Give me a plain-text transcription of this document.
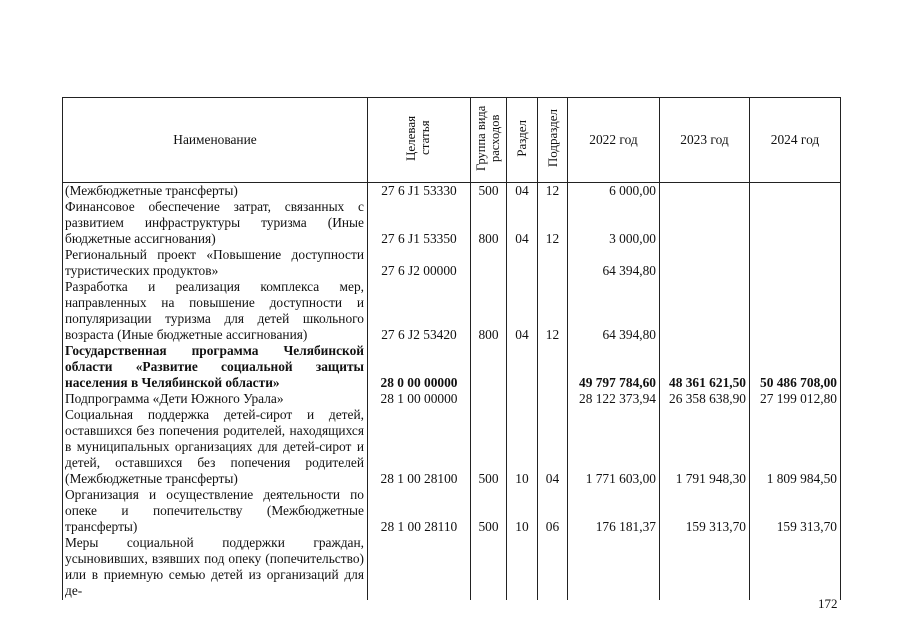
Наименование	Целевая статья	Группа вида расходов	Раздел	Подраздел	2022 год	2023 год	2024 год
(Межбюджетные трансферты)	27 6 J1 53330	500	04	12	6 000,00		
Финансовое обеспечение затрат, связанных с развитием инфраструктуры туризма (Иные бюджетные ассигнования)	27 6 J1 53350	800	04	12	3 000,00		
Региональный проект «Повышение доступности туристических продуктов»	27 6 J2 00000				64 394,80		
Разработка и реализация комплекса мер, направленных на повышение доступности и популяризации туризма для детей школьного возраста (Иные бюджетные ассигнования)	27 6 J2 53420	800	04	12	64 394,80		
Государственная программа Челябинской области «Развитие социальной защиты населения в Челябинской области»	28 0 00 00000				49 797 784,60	48 361 621,50	50 486 708,00
Подпрограмма «Дети Южного Урала»	28 1 00 00000				28 122 373,94	26 358 638,90	27 199 012,80
Социальная поддержка детей-сирот и детей, оставшихся без попечения родителей, находящихся в муниципальных организациях для детей-сирот и детей, оставшихся без попечения родителей (Межбюджетные трансферты)	28 1 00 28100	500	10	04	1 771 603,00	1 791 948,30	1 809 984,50
Организация и осуществление деятельности по опеке и попечительству (Межбюджетные трансферты)	28 1 00 28110	500	10	06	176 181,37	159 313,70	159 313,70
Меры социальной поддержки граждан, усыновивших, взявших под опеку (попечительство) или в приемную семью детей из организаций для де-							
172
